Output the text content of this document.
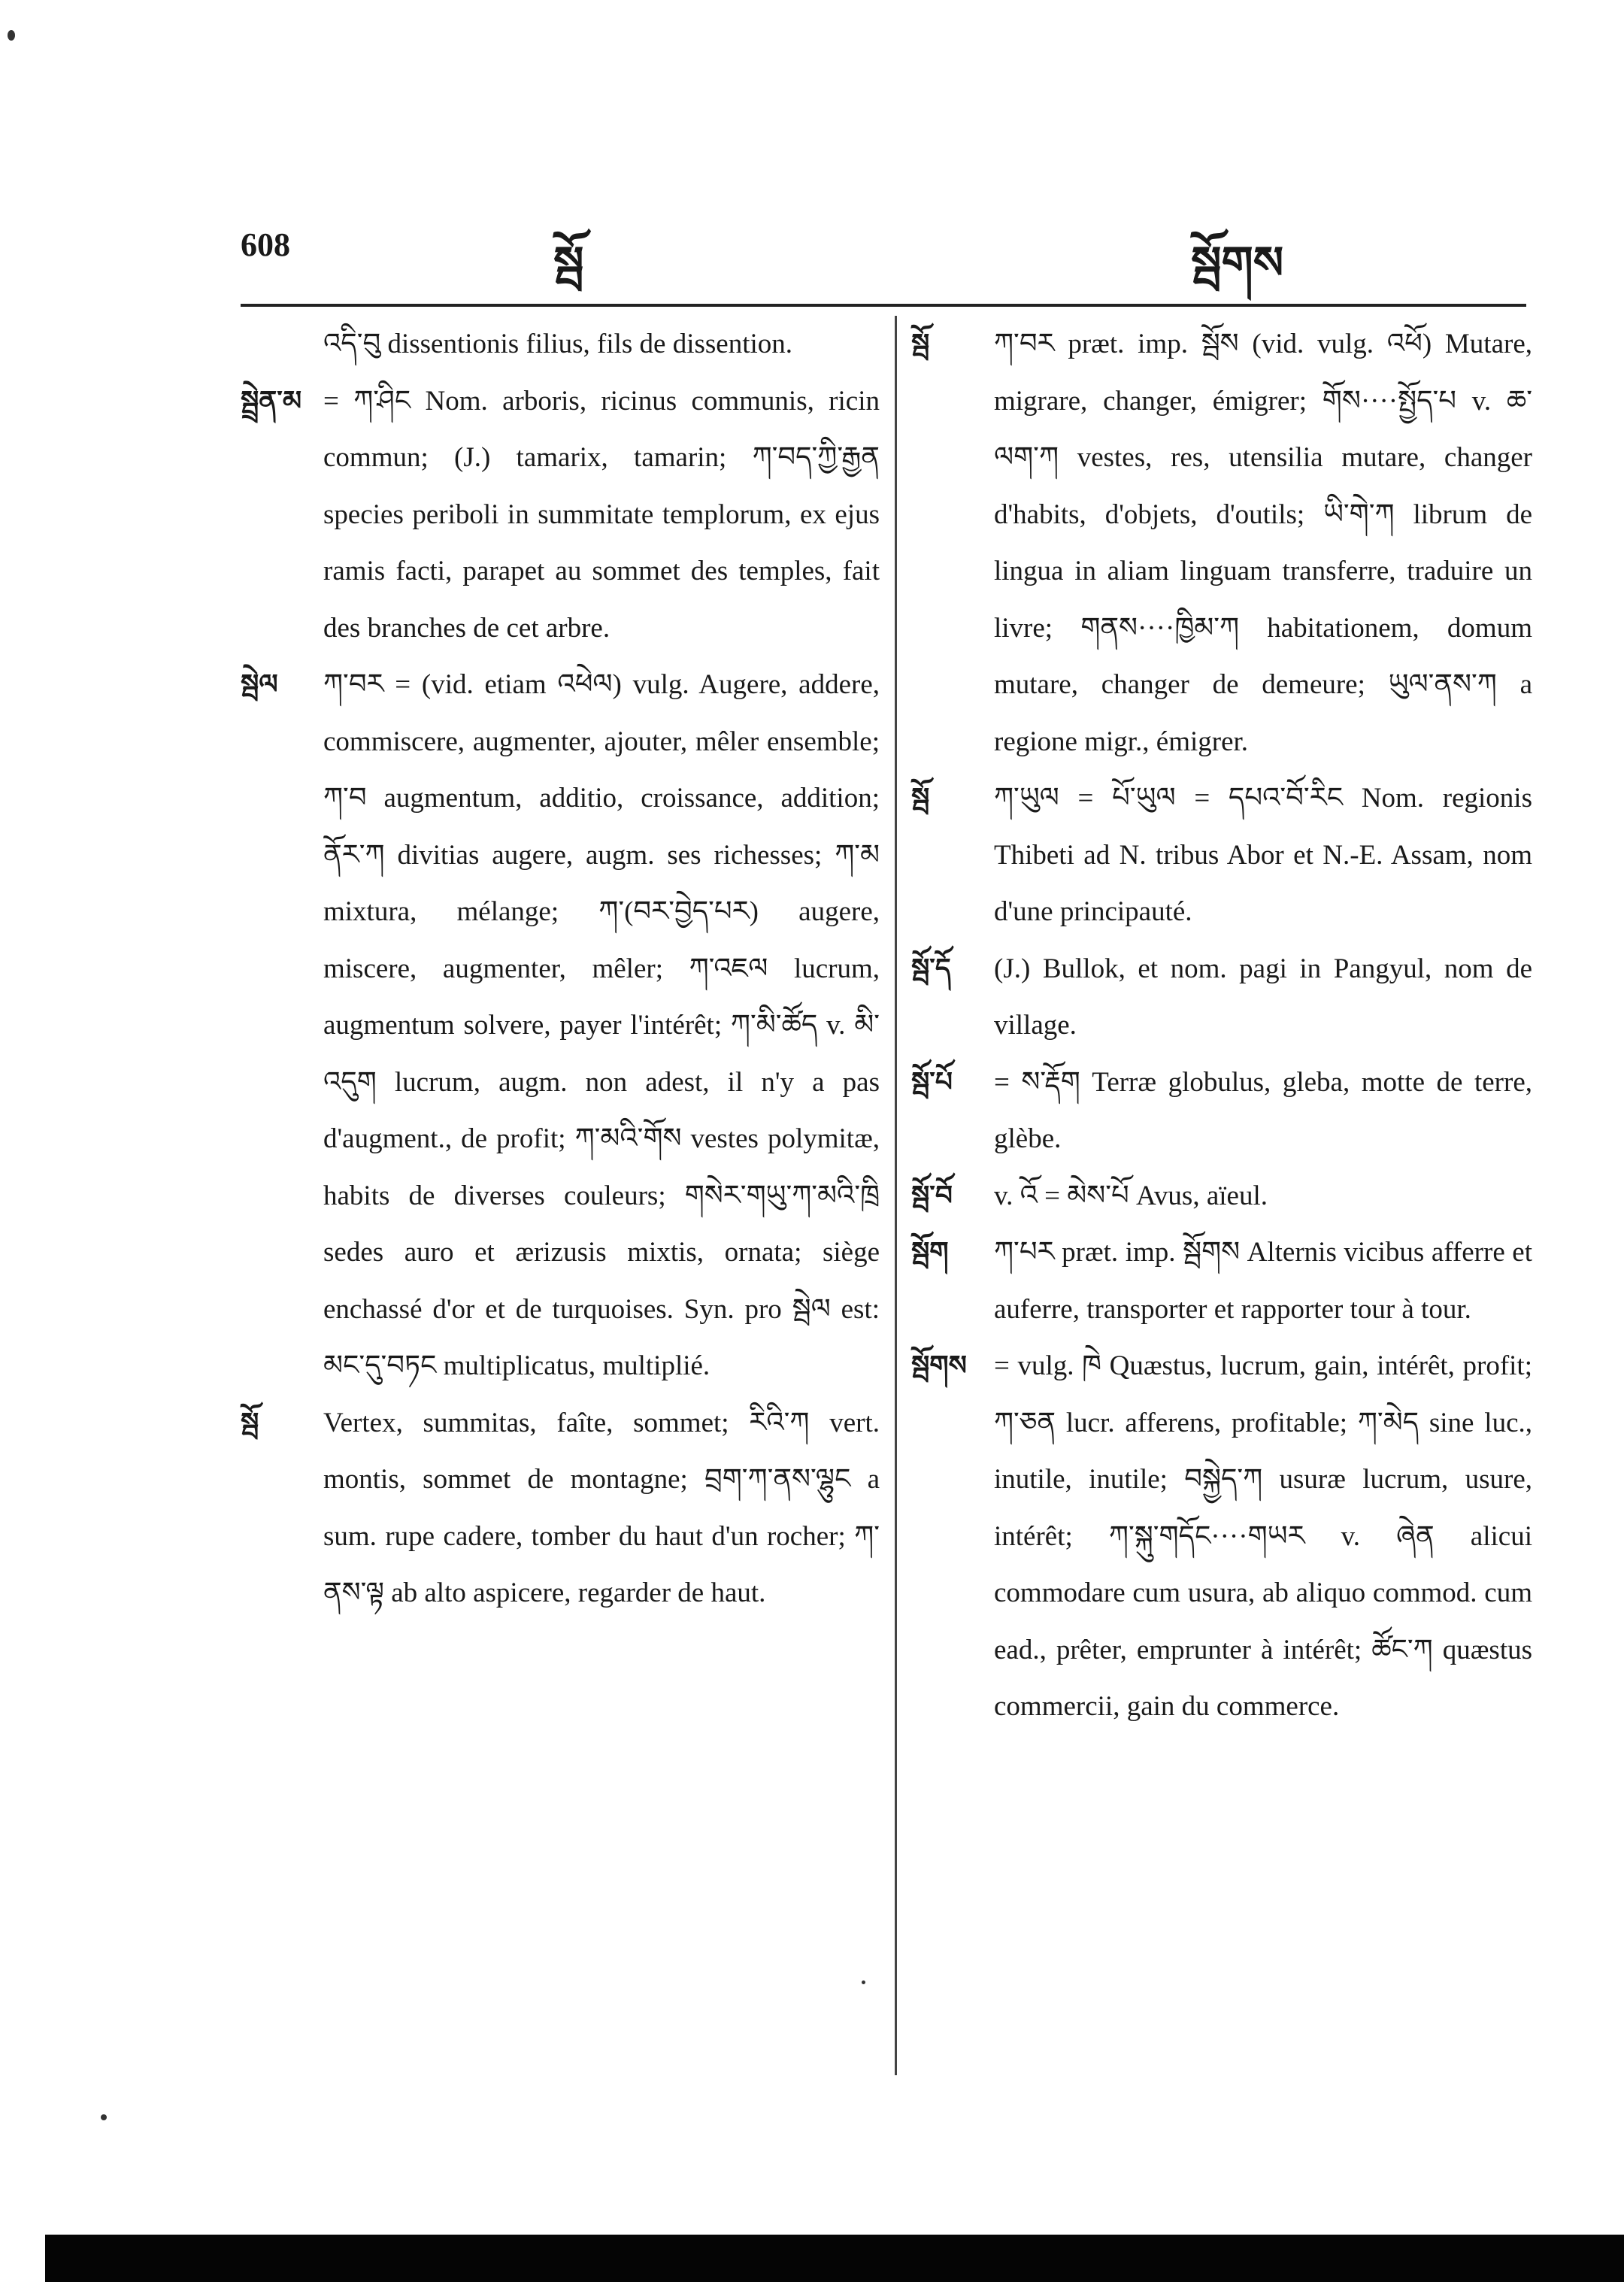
608	སྦོ	སྦོགས
འདི་བུ dissentionis filius, fils de dissention.
སྦྲེན་མ = ཀ་ཤིང Nom. arboris, ricinus communis, ricin commun; (J.) tamarix, tamarin; ཀ་བད་ཀྱི་རྒྱན species periboli in summitate templorum, ex ejus ramis facti, parapet au sommet des temples, fait des branches de cet arbre.
སྦེལ ཀ་བར = (vid. etiam འཕེལ) vulg. Augere, addere, commiscere, augmenter, ajouter, mêler ensemble; ཀ་བ augmentum, additio, croissance, addition; ནོར་ཀ divitias augere, augm. ses richesses; ཀ་མ mixtura, mélange; ཀ་(བར་བྱེད་པར) augere, miscere, augmenter, mêler; ཀ་འཇལ lucrum, augmentum solvere, payer l'intérêt; ཀ་མི་ཚོད v. མི་འདུག lucrum, augm. non adest, il n'y a pas d'augment., de profit; ཀ་མའི་གོས vestes polymitæ, habits de diverses couleurs; གསེར་གཡུ་ཀ་མའི་ཁྲི sedes auro et ærizusis mixtis, ornata; siège enchassé d'or et de turquoises. Syn. pro སྦེལ est: མང་དུ་བཏང multiplicatus, multiplié.
སྦོ Vertex, summitas, faîte, sommet; རིའི་ཀ vert. montis, sommet de montagne; བྲག་ཀ་ནས་ལྷུང a sum. rupe cadere, tomber du haut d'un rocher; ཀ་ནས་ལྟ ab alto aspicere, regarder de haut.
སྦོ ཀ་བར præt. imp. སྦོས (vid. vulg. འཕོ) Mutare, migrare, changer, émigrer; གོས····སྤྱོད་པ v. ཆ་ལག་ཀ vestes, res, utensilia mutare, changer d'habits, d'objets, d'outils; ཡི་གེ་ཀ librum de lingua in aliam linguam transferre, traduire un livre; གནས····ཁྱིམ་ཀ habitationem, domum mutare, changer de demeure; ཡུལ་ནས་ཀ a regione migr., émigrer.
སྦོ ཀ་ཡུལ = པོ་ཡུལ = དཔའ་བོ་རིང Nom. regionis Thibeti ad N. tribus Abor et N.-E. Assam, nom d'une principauté.
སྦོ་དོ (J.) Bullok, et nom. pagi in Pangyul, nom de village.
སྦོ་པོ = ས་རྡོག Terræ globulus, gleba, motte de terre, glèbe.
སྦོ་བོ v. འོ = མེས་པོ Avus, aïeul.
སྦོག ཀ་པར præt. imp. སྦོགས Alternis vicibus afferre et auferre, transporter et rapporter tour à tour.
སྦོགས = vulg. ཁེ Quæstus, lucrum, gain, intérêt, profit; ཀ་ཅན lucr. afferens, profitable; ཀ་མེད sine luc., inutile, inutile; བསྐྱེད་ཀ usuræ lucrum, usure, intérêt; ཀ་སྐུ་གདོང····གཡར v. ཞེན alicui commodare cum usura, ab aliquo commod. cum ead., prêter, emprunter à intérêt; ཚོང་ཀ quæstus commercii, gain du commerce.
